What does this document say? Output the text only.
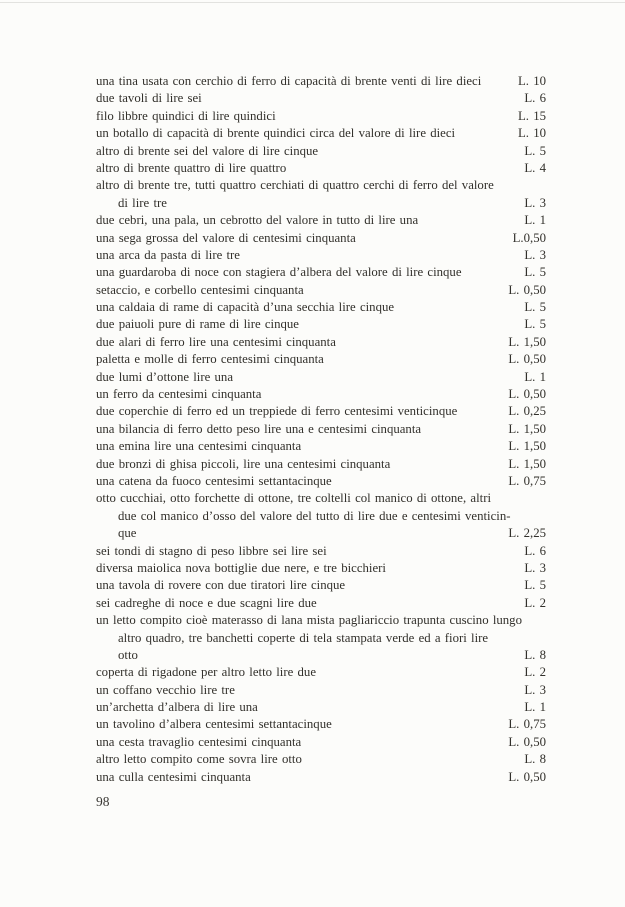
una tina usata con cerchio di ferro di capacità di brente venti di lire dieci	L. 10
due tavoli di lire sei	L. 6
filo libbre quindici di lire quindici	L. 15
un botallo di capacità di brente quindici circa del valore di lire dieci	L. 10
altro di brente sei del valore di lire cinque	L. 5
altro di brente quattro di lire quattro	L. 4
altro di brente tre, tutti quattro cerchiati di quattro cerchi di ferro del valore
di lire tre	L. 3
due cebri, una pala, un cebrotto del valore in tutto di lire una	L. 1
una sega grossa del valore di centesimi cinquanta	L.0,50
una arca da pasta di lire tre	L. 3
una guardaroba di noce con stagiera d’albera del valore di lire cinque	L. 5
setaccio, e corbello centesimi cinquanta	L. 0,50
una caldaia di rame di capacità d’una secchia lire cinque	L. 5
due paiuoli pure di rame di lire cinque	L. 5
due alari di ferro lire una centesimi cinquanta	L. 1,50
paletta e molle di ferro centesimi cinquanta	L. 0,50
due lumi d’ottone lire una	L. 1
un ferro da centesimi cinquanta	L. 0,50
due coperchie di ferro ed un treppiede di ferro centesimi venticinque	L. 0,25
una bilancia di ferro detto peso lire una e centesimi cinquanta	L. 1,50
una emina lire una centesimi cinquanta	L. 1,50
due bronzi di ghisa piccoli, lire una centesimi cinquanta	L. 1,50
una catena da fuoco centesimi settantacinque	L. 0,75
otto cucchiai, otto forchette di ottone, tre coltelli col manico di ottone, altri
due col manico d’osso del valore del tutto di lire due e centesimi venticin-
que	L. 2,25
sei tondi di stagno di peso libbre sei lire sei	L. 6
diversa maiolica nova bottiglie due nere, e tre bicchieri	L. 3
una tavola di rovere con due tiratori lire cinque	L. 5
sei cadreghe di noce e due scagni lire due	L. 2
un letto compito cioè materasso di lana mista pagliariccio trapunta cuscino lungo
altro quadro, tre banchetti coperte di tela stampata verde ed a fiori lire
otto	L. 8
coperta di rigadone per altro letto lire due	L. 2
un coffano vecchio lire tre	L. 3
un’archetta d’albera di lire una	L. 1
un tavolino d’albera centesimi settantacinque	L. 0,75
una cesta travaglio centesimi cinquanta	L. 0,50
altro letto compito come sovra lire otto	L. 8
una culla centesimi cinquanta	L. 0,50
98
